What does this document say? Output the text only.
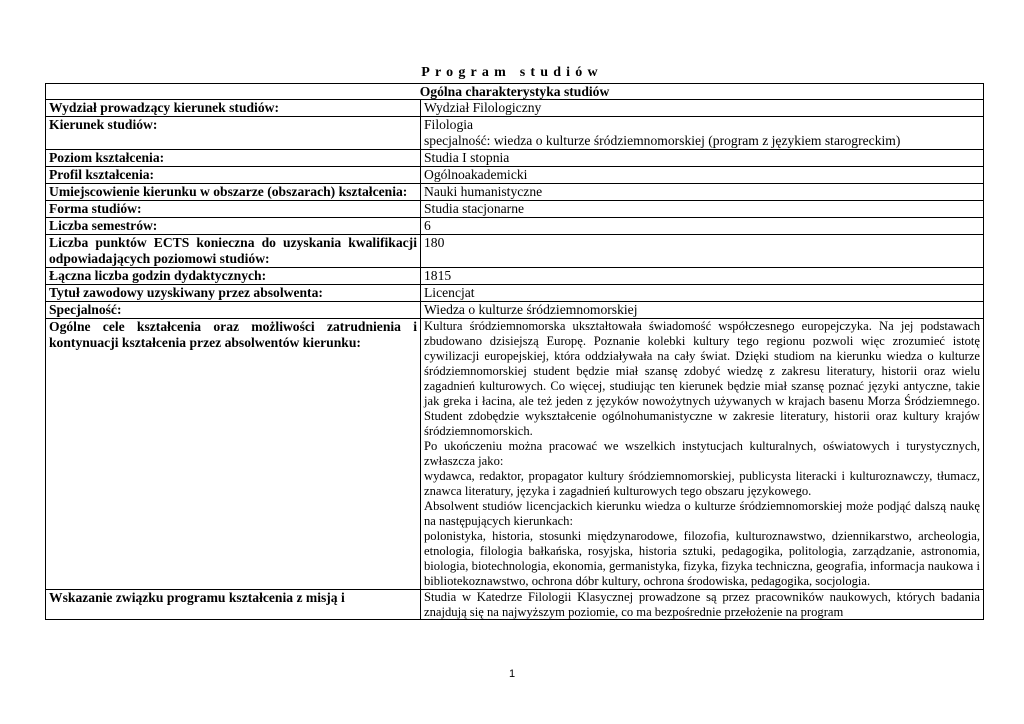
Program studiów
Ogólna charakterystyka studiów	
Wydział prowadzący kierunek studiów:	Wydział Filologiczny
Kierunek studiów:	Filologia
specjalność: wiedza o kulturze śródziemnomorskiej (program z językiem starogreckim)

Poziom kształcenia:	Studia I stopnia
Profil kształcenia:	Ogólnoakademicki
Umiejscowienie kierunku w obszarze (obszarach) kształcenia:	Nauki humanistyczne
Forma studiów:	Studia stacjonarne
Liczba semestrów:	6
Liczba punktów ECTS konieczna do uzyskania kwalifikacji odpowiadających poziomowi studiów:	180
Łączna liczba godzin dydaktycznych:	1815
Tytuł zawodowy uzyskiwany przez absolwenta:	Licencjat
Specjalność:	Wiedza o kulturze śródziemnomorskiej
Ogólne cele kształcenia oraz możliwości zatrudnienia i kontynuacji kształcenia przez absolwentów kierunku:	Kultura śródziemnomorska ukształtowała świadomość współczesnego europejczyka. Na jej podstawach zbudowano dzisiejszą Europę. Poznanie kolebki kultury tego regionu pozwoli więc zrozumieć istotę cywilizacji europejskiej, która oddziaływała na cały świat. Dzięki studiom na kierunku wiedza o kulturze śródziemnomorskiej student będzie miał szansę zdobyć wiedzę z zakresu literatury, historii oraz wielu zagadnień kulturowych. Co więcej, studiując ten kierunek będzie miał szansę poznać języki antyczne, takie jak greka i łacina, ale też jeden z języków nowożytnych używanych w krajach basenu Morza Śródziemnego. Student zdobędzie wykształcenie ogólnohumanistyczne w zakresie literatury, historii oraz kultury krajów śródziemnomorskich.
Po ukończeniu można pracować we wszelkich instytucjach kulturalnych, oświatowych i turystycznych, zwłaszcza jako:
wydawca, redaktor, propagator kultury śródziemnomorskiej, publicysta literacki i kulturoznawczy, tłumacz, znawca literatury, języka i zagadnień kulturowych tego obszaru językowego.
Absolwent studiów licencjackich kierunku wiedza o kulturze śródziemnomorskiej może podjąć dalszą naukę na następujących kierunkach:
polonistyka, historia, stosunki międzynarodowe, filozofia, kulturoznawstwo, dziennikarstwo, archeologia, etnologia, filologia bałkańska, rosyjska, historia sztuki, pedagogika, politologia, zarządzanie, astronomia, biologia, biotechnologia, ekonomia, germanistyka, fizyka, fizyka techniczna, geografia, informacja naukowa i bibliotekoznawstwo, ochrona dóbr kultury, ochrona środowiska, pedagogika, socjologia.

Wskazanie związku programu kształcenia z misją i	Studia w Katedrze Filologii Klasycznej prowadzone są przez pracowników naukowych, których badania znajdują się na najwyższym poziomie, co ma bezpośrednie przełożenie na program
1
